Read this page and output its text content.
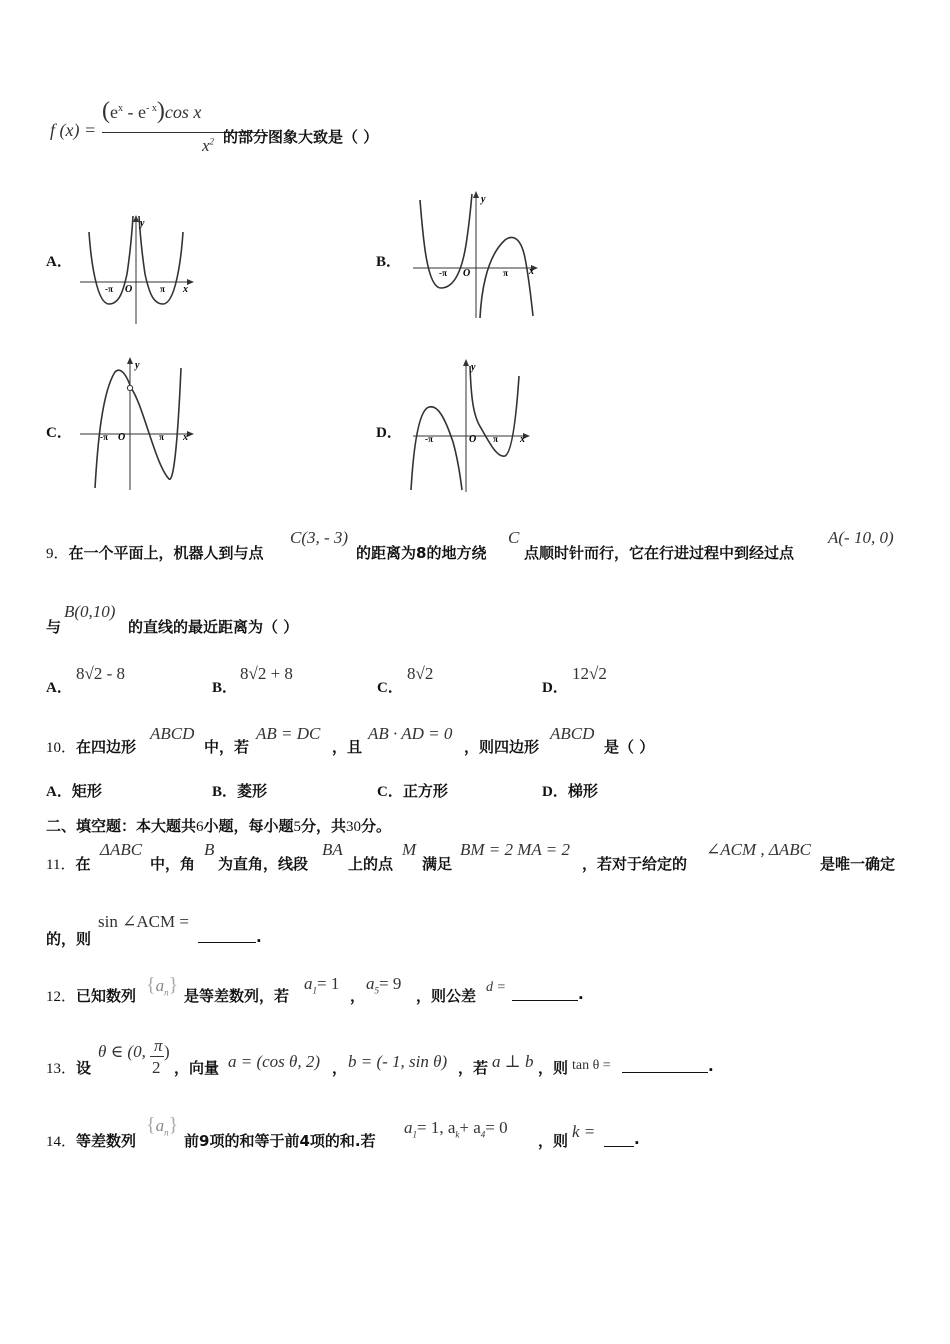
f (x) =
$(e^x - e^{- x})\cos$ x
$x^2$ 的部分图象大致是（ ）
A．
-π	π
O	x
y
B．
-π	π
O	x
y
C．	-π	π
O	x
y
D．	-π	π
O	x
y
9．在一个平面上，机器人到与点
C(3, - 3)
的距离为8的地方绕
C
点顺时针而行，它在行进过程中到经过点
A(- 10, 0)
与
B(0,10)
的直线的最近距离为（ ）
A．
8√2 - 8
B．
8√2 + 8
C．
8√2
D．
12√2
10．在四边形
ABCD
中，若
AB = DC
，且
AB · AD = 0
，则四边形
ABCD
是（ ）
A．矩形	B．菱形	C．正方形	D．梯形
二、填空题：本大题共6小题，每小题5分，共30分。
11．在
ΔABC
中，角
B
为直角，线段
BA
上的点
M
满足
BM = 2 MA = 2
，若对于给定的
∠ACM , ΔABC
是唯一确定
的，则
sin ∠ACM =
.
12．已知数列 $\{a_n\}$ 是等差数列，若
$a_1= 1$
，
$a_5= 9$
，则公差 d =	.
13．设
θ ∈ (0, π
2
)
，向量 a = (cos θ, 2) ， b = (- 1, sin θ) ，若 a ⊥ b ，则 tan θ =	.
14．等差数列
$\{a_n\}$
前9项的和等于前4项的和.若
$a_1= 1$, $a_k+ a_4= 0$
，则 k =	.
